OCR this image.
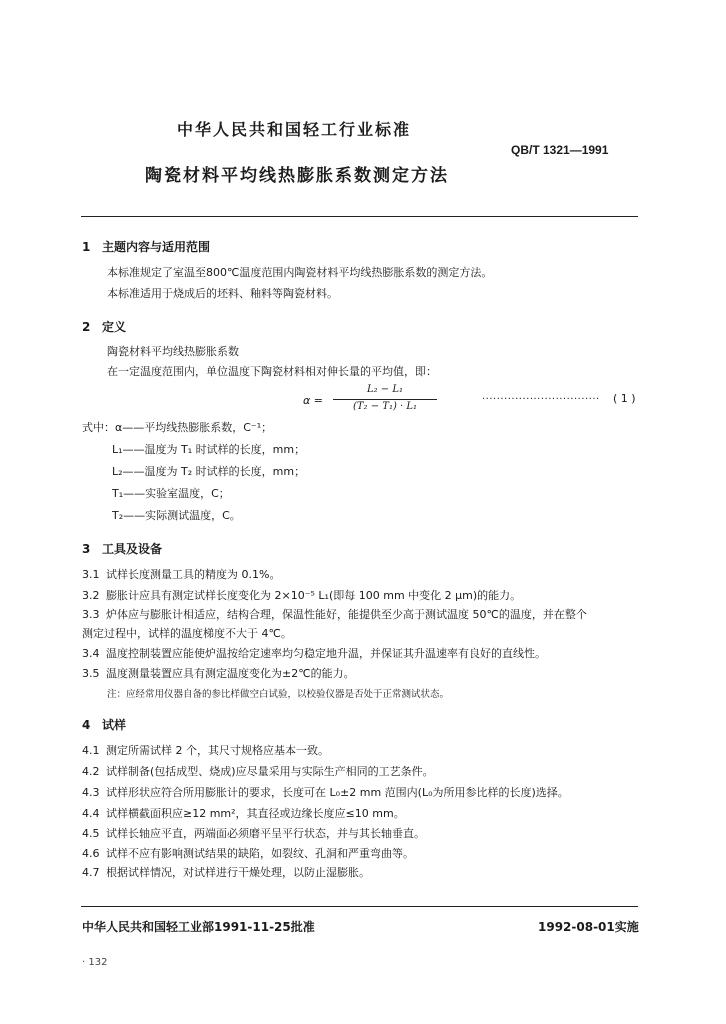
中华人民共和国轻工行业标准
QB/T 1321—1991
陶瓷材料平均线热膨胀系数测定方法
1 主题内容与适用范围
本标准规定了室温至800℃温度范围内陶瓷材料平均线热膨胀系数的测定方法。
本标准适用于烧成后的坯料、釉料等陶瓷材料。
2 定义
陶瓷材料平均线热膨胀系数
在一定温度范围内，单位温度下陶瓷材料相对伸长量的平均值，即：
α =
L₂ − L₁
(T₂ − T₁) · L₁
································ ( 1 )
式中：α——平均线热膨胀系数，C⁻¹；
L₁——温度为 T₁ 时试样的长度，mm；
L₂——温度为 T₂ 时试样的长度，mm；
T₁——实验室温度，C；
T₂——实际测试温度，C。
3 工具及设备
3.1 试样长度测量工具的精度为 0.1%。
3.2 膨胀计应具有测定试样长度变化为 2×10⁻⁵ L₁(即每 100 mm 中变化 2 μm)的能力。
3.3 炉体应与膨胀计相适应，结构合理，保温性能好，能提供至少高于测试温度 50℃的温度，并在整个
测定过程中，试样的温度梯度不大于 4℃。
3.4 温度控制装置应能使炉温按给定速率均匀稳定地升温，并保证其升温速率有良好的直线性。
3.5 温度测量装置应具有测定温度变化为±2℃的能力。
注：应经常用仪器自备的参比样做空白试验，以校验仪器是否处于正常测试状态。
4 试样
4.1 测定所需试样 2 个，其尺寸规格应基本一致。
4.2 试样制备(包括成型、烧成)应尽量采用与实际生产相同的工艺条件。
4.3 试样形状应符合所用膨胀计的要求，长度可在 L₀±2 mm 范围内(L₀为所用参比样的长度)选择。
4.4 试样横截面积应≥12 mm²，其直径或边缘长度应≤10 mm。
4.5 试样长轴应平直，两端面必须磨平呈平行状态，并与其长轴垂直。
4.6 试样不应有影响测试结果的缺陷，如裂纹、孔洞和严重弯曲等。
4.7 根据试样情况，对试样进行干燥处理，以防止湿膨胀。
中华人民共和国轻工业部1991-11-25批准	1992-08-01实施
· 132
